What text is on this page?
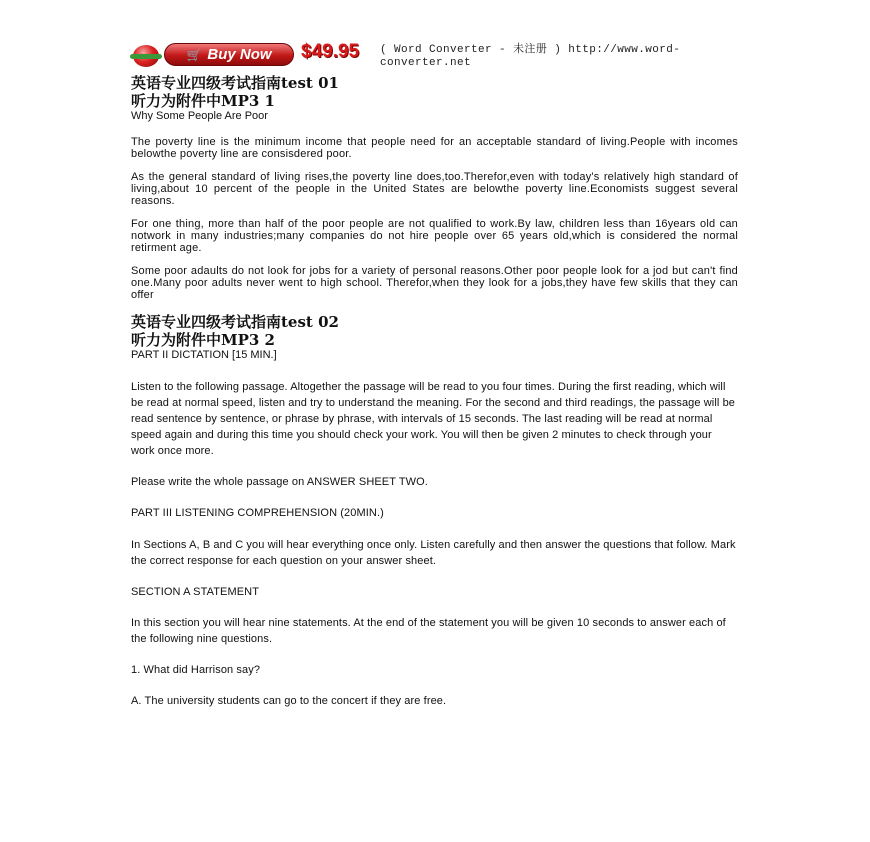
🛒 Buy Now $49.95 ( Word Converter - 未注册 ) http://www.word-converter.net

英语专业四级考试指南test 01

听力为附件中MP3 1

Why Some People Are Poor

The poverty line is the minimum income that people need for an acceptable standard of living.People with incomes belowthe poverty line are consisdered poor.

As the general standard of living rises,the poverty line does,too.Therefor,even with today's relatively high standard of living,about 10 percent of the people in the United States are belowthe poverty line.Economists suggest several reasons.

For one thing, more than half of the poor people are not qualified to work.By law, children less than 16years old can notwork in many industries;many companies do not hire people over 65 years old,which is considered the normal retirment age.

Some poor adaults do not look for jobs for a variety of personal reasons.Other poor people look for a jod but can't find one.Many poor adults never went to high school. Therefor,when they look for a jobs,they have few skills that they can offer

英语专业四级考试指南test 02

听力为附件中MP3 2

PART II DICTATION [15 MIN.]

Listen to the following passage. Altogether the passage will be read to you four times. During the first reading, which will be read at normal speed, listen and try to understand the meaning. For the second and third readings, the passage will be read sentence by sentence, or phrase by phrase, with intervals of 15 seconds. The last reading will be read at normal speed again and during this time you should check your work. You will then be given 2 minutes to check through your work once more.

Please write the whole passage on ANSWER SHEET TWO.

PART III LISTENING COMPREHENSION (20MIN.)

In Sections A, B and C you will hear everything once only. Listen carefully and then answer the questions that follow. Mark the correct response for each question on your answer sheet.

SECTION A STATEMENT

In this section you will hear nine statements. At the end of the statement you will be given 10 seconds to answer each of the following nine questions.

1. What did Harrison say?

A. The university students can go to the concert if they are free.
